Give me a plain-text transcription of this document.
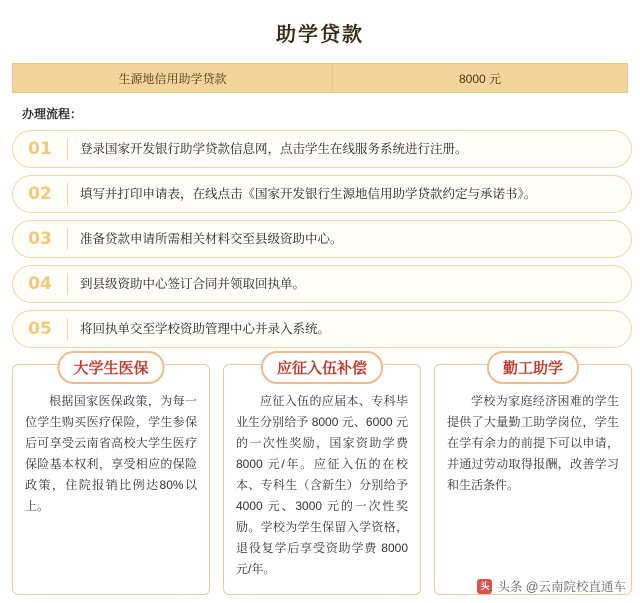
助学贷款
生源地信用助学贷款	8000 元
办理流程：
01	登录国家开发银行助学贷款信息网，点击学生在线服务系统进行注册。
02	填写并打印申请表，在线点击《国家开发银行生源地信用助学贷款约定与承诺书》。
03	准备贷款申请所需相关材料交至县级资助中心。
04	到县级资助中心签订合同并领取回执单。
05	将回执单交至学校资助管理中心并录入系统。
大学生医保
根据国家医保政策，为每一位学生购买医疗保险，学生参保后可享受云南省高校大学生医疗保险基本权利，享受相应的保险政策，住院报销比例达80%以上。
应征入伍补偿
应征入伍的应届本、专科毕业生分别给予 8000 元、6000 元的一次性奖励，国家资助学费 8000 元/年。应征入伍的在校本、专科生（含新生）分别给予 4000 元、3000 元的一次性奖励。学校为学生保留入学资格，退役复学后享受资助学费 8000 元/年。
勤工助学
学校为家庭经济困难的学生提供了大量勤工助学岗位，学生在学有余力的前提下可以申请，并通过劳动取得报酬，改善学习和生活条件。
头 头条 @云南院校直通车
